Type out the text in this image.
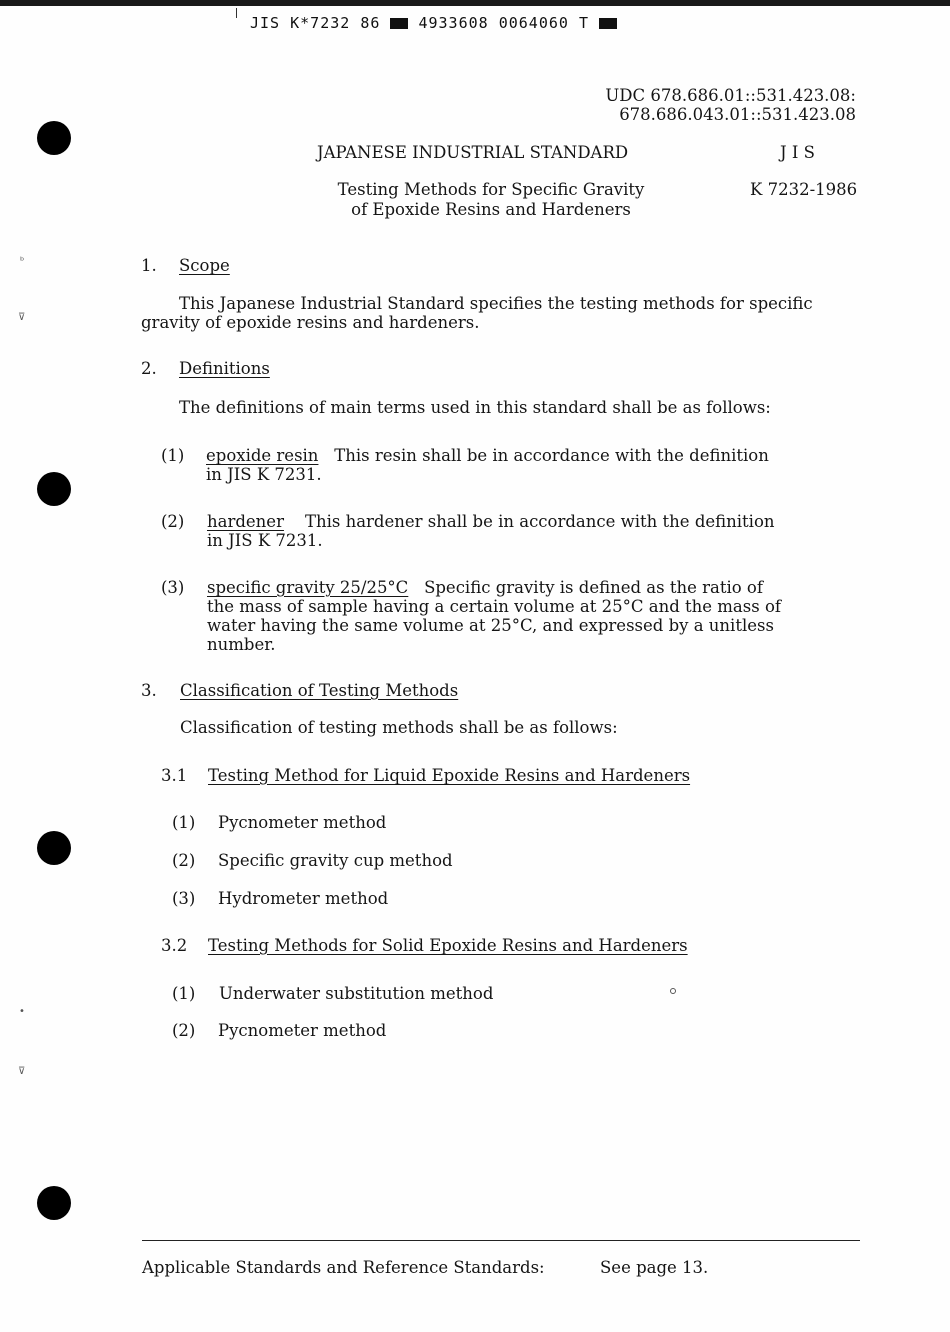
JIS K*7232 86	4933608 0064060 T
ᵇ
⊽
•
⊽
UDC 678.686.01::531.423.08:
678.686.043.01::531.423.08
JAPANESE INDUSTRIAL STANDARD	J I S
Testing Methods for Specific Gravity
of Epoxide Resins and Hardeners
K 7232-1986
1. Scope
This Japanese Industrial Standard specifies the testing methods for specific
gravity of epoxide resins and hardeners.
2. Definitions
The definitions of main terms used in this standard shall be as follows:
(1) epoxide resin This resin shall be in accordance with the definition
in JIS K 7231.
(2) hardener This hardener shall be in accordance with the definition
in JIS K 7231.
(3) specific gravity 25/25°C Specific gravity is defined as the ratio of
the mass of sample having a certain volume at 25°C and the mass of
water having the same volume at 25°C, and expressed by a unitless
number.
3. Classification of Testing Methods
Classification of testing methods shall be as follows:
3.1 Testing Method for Liquid Epoxide Resins and Hardeners
(1) Pycnometer method
(2) Specific gravity cup method
(3) Hydrometer method
3.2 Testing Methods for Solid Epoxide Resins and Hardeners
(1) Underwater substitution method
(2) Pycnometer method
Applicable Standards and Reference Standards:	See page 13.
